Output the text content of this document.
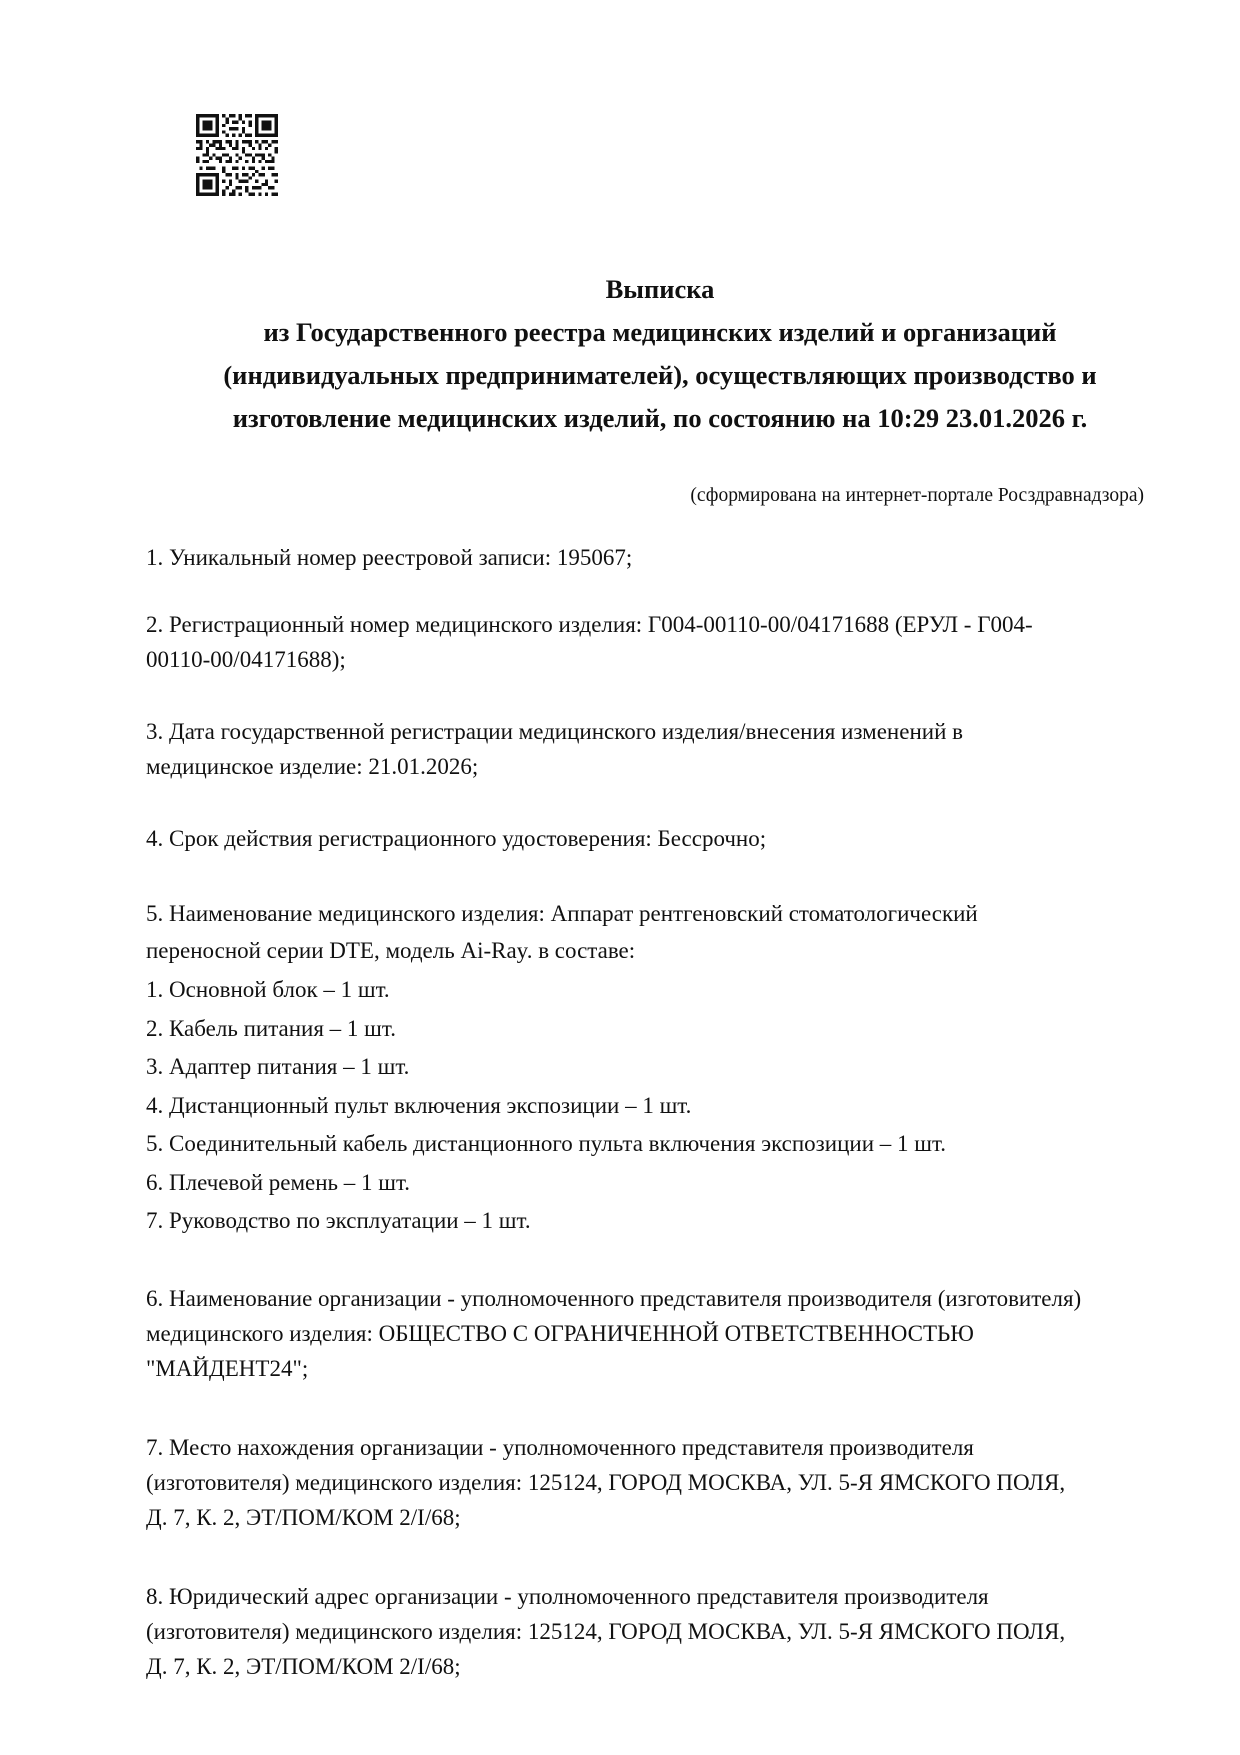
Выписка
из Государственного реестра медицинских изделий и организаций
(индивидуальных предпринимателей), осуществляющих производство и
изготовление медицинских изделий, по состоянию на 10:29 23.01.2026 г.

(сформирована на интернет-портале Росздравнадзора)

1. Уникальный номер реестровой записи: 195067;

2. Регистрационный номер медицинского изделия: Г004-00110-00/04171688 (ЕРУЛ - Г004-
00110-00/04171688);

3. Дата государственной регистрации медицинского изделия/внесения изменений в
медицинское изделие: 21.01.2026;

4. Срок действия регистрационного удостоверения: Бессрочно;

5. Наименование медицинского изделия: Аппарат рентгеновский стоматологический
переносной серии DTE, модель Ai-Ray. в составе:

1. Основной блок – 1 шт.
2. Кабель питания – 1 шт.
3. Адаптер питания – 1 шт.
4. Дистанционный пульт включения экспозиции – 1 шт.
5. Соединительный кабель дистанционного пульта включения экспозиции – 1 шт.
6. Плечевой ремень – 1 шт.
7. Руководство по эксплуатации – 1 шт.

6. Наименование организации - уполномоченного представителя производителя (изготовителя)
медицинского изделия: ОБЩЕСТВО С ОГРАНИЧЕННОЙ ОТВЕТСТВЕННОСТЬЮ
"МАЙДЕНТ24";

7. Место нахождения организации - уполномоченного представителя производителя
(изготовителя) медицинского изделия: 125124, ГОРОД МОСКВА, УЛ. 5-Я ЯМСКОГО ПОЛЯ,
Д. 7, К. 2, ЭТ/ПОМ/КОМ 2/I/68;

8. Юридический адрес организации - уполномоченного представителя производителя
(изготовителя) медицинского изделия: 125124, ГОРОД МОСКВА, УЛ. 5-Я ЯМСКОГО ПОЛЯ,
Д. 7, К. 2, ЭТ/ПОМ/КОМ 2/I/68;
